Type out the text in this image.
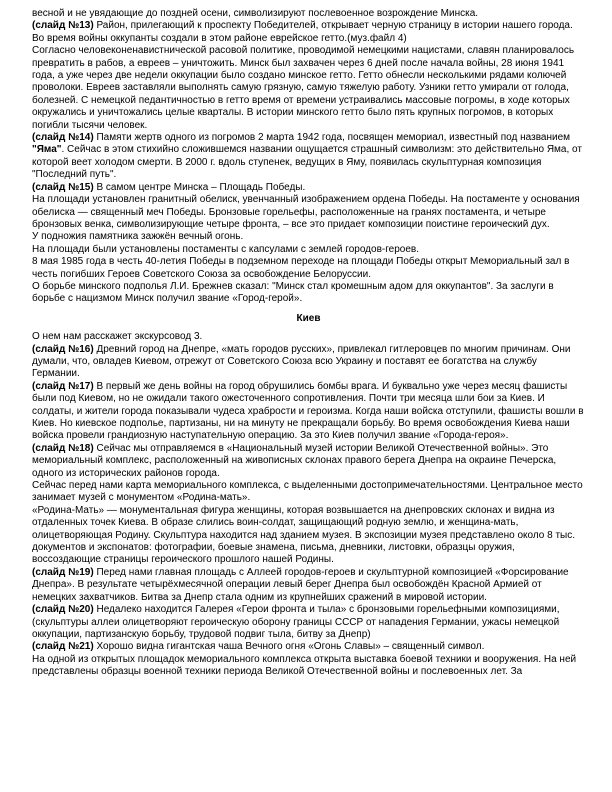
весной и не увядающие до поздней осени, символизируют послевоенное возрождение Минска.

(слайд №13) Район, прилегающий к проспекту Победителей, открывает черную страницу в истории нашего города. Во время войны оккупанты создали в этом районе еврейское гетто.(муз.файл 4)

Согласно человеконенавистнической расовой политике, проводимой немецкими нацистами, славян планировалось превратить в рабов, а евреев – уничтожить. Минск был захвачен через 6 дней после начала войны, 28 июня 1941 года, а уже через две недели оккупации было создано минское гетто. Гетто обнесли несколькими рядами колючей проволоки. Евреев заставляли выполнять самую грязную, самую тяжелую работу. Узники гетто умирали от голода, болезней. С немецкой педантичностью в гетто время от времени устраивались массовые погромы, в ходе которых окружались и уничтожались целые кварталы. В истории минского гетто было пять крупных погромов, в которых погибли тысячи человек.

(слайд №14) Памяти жертв одного из погромов 2 марта 1942 года, посвящен мемориал, известный под названием "Яма". Сейчас в этом стихийно сложившемся названии ощущается страшный символизм: это действительно Яма, от которой веет холодом смерти. В 2000 г. вдоль ступенек, ведущих в Яму, появилась скульптурная композиция "Последний путь".

(слайд №15) В самом центре Минска – Площадь Победы.

На площади установлен гранитный обелиск, увенчанный изображением ордена Победы. На постаменте у основания обелиска — священный меч Победы. Бронзовые горельефы, расположенные на гранях постамента, и четыре бронзовых венка, символизирующие четыре фронта, – все это придает композиции поистине героический дух.

У подножия памятника зажжён вечный огонь.

На площади были установлены постаменты с капсулами с землей городов-героев.

8 мая 1985 года в честь 40-летия Победы в подземном переходе на площади Победы открыт Мемориальный зал в честь погибших Героев Советского Союза за освобождение Белоруссии.

О борьбе минского подполья Л.И. Брежнев сказал: "Минск стал кромешным адом для оккупантов". За заслуги в борьбе с нацизмом Минск получил звание «Город-герой».

Киев

О нем нам расскажет экскурсовод 3.

(слайд №16) Древний город на Днепре, «мать городов русских», привлекал гитлеровцев по многим причинам. Они думали, что, овладев Киевом, отрежут от Советского Союза всю Украину и поставят ее богатства на службу Германии.

(слайд №17) В первый же день войны на город обрушились бомбы врага. И буквально уже через месяц фашисты были под Киевом, но не ожидали такого ожесточенного сопротивления. Почти три месяца шли бои за Киев. И солдаты, и жители города показывали чудеса храбрости и героизма. Когда наши войска отступили, фашисты вошли в Киев. Но киевское подполье, партизаны, ни на минуту не прекращали борьбу. Во время освобождения Киева наши войска провели грандиозную наступательную операцию. За это Киев получил звание «Города-героя».

(слайд №18) Сейчас мы отправляемся в «Национальный музей истории Великой Отечественной войны». Это мемориальный комплекс, расположенный на живописных склонах правого берега Днепра на окраине Печерска, одного из исторических районов города.

Сейчас перед нами карта мемориального комплекса, с выделенными достопримечательностями. Центральное место занимает музей с монументом «Родина-мать».

«Родина-Мать» — монументальная фигура женщины, которая возвышается на днепровских склонах и видна из отдаленных точек Киева. В образе слились воин-солдат, защищающий родную землю, и женщина-мать, олицетворяющая Родину. Скульптура находится над зданием музея. В экспозиции музея представлено около 8 тыс. документов и экспонатов: фотографии, боевые знамена, письма, дневники, листовки, образцы оружия, воссоздающие страницы героического прошлого нашей Родины.

(слайд №19) Перед нами главная площадь с Аллеей городов-героев и скульптурной композицией «Форсирование Днепра». В результате четырёхмесячной операции левый берег Днепра был освобождён Красной Армией от немецких захватчиков. Битва за Днепр стала одним из крупнейших сражений в мировой истории.

(слайд №20) Недалеко находится Галерея «Герои фронта и тыла» с бронзовыми горельефными композициями, (скульптуры аллеи олицетворяют героическую оборону границы СССР от нападения Германии, ужасы немецкой оккупации, партизанскую борьбу, трудовой подвиг тыла, битву за Днепр)

(слайд №21) Хорошо видна гигантская чаша Вечного огня «Огонь Славы» – священный символ.

На одной из открытых площадок мемориального комплекса открыта выставка боевой техники и вооружения. На ней представлены образцы военной техники периода Великой Отечественной войны и послевоенных лет. За
